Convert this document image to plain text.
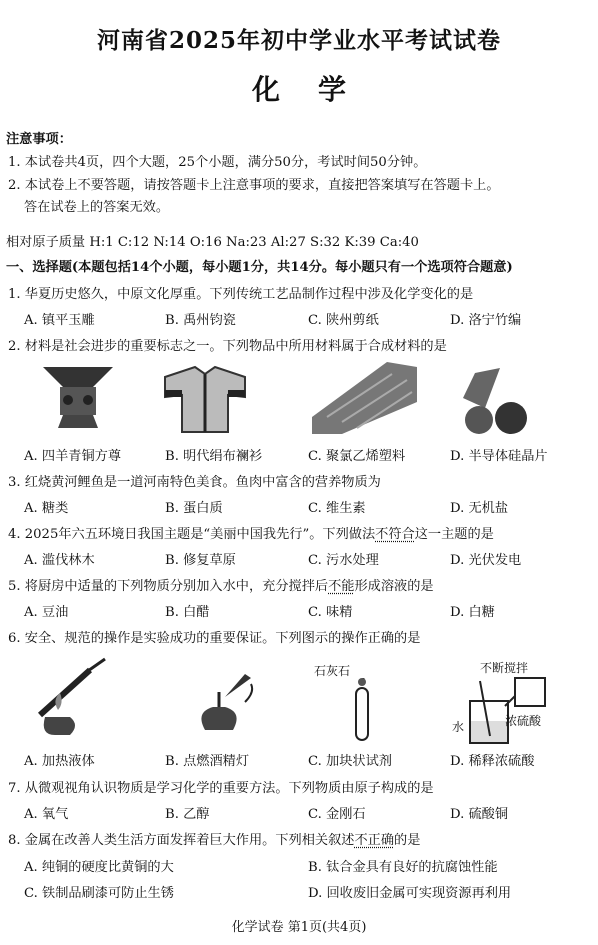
河南省2025年初中学业水平考试试卷
化学
注意事项：
1. 本试卷共4页，四个大题，25个小题，满分50分，考试时间50分钟。
2. 本试卷上不要答题，请按答题卡上注意事项的要求，直接把答案填写在答题卡上。
答在试卷上的答案无效。
相对原子质量 H:1 C:12 N:14 O:16 Na:23 Al:27 S:32 K:39 Ca:40
一、选择题(本题包括14个小题，每小题1分，共14分。每小题只有一个选项符合题意)
1. 华夏历史悠久，中原文化厚重。下列传统工艺品制作过程中涉及化学变化的是
A. 镇平玉雕	B. 禹州钧瓷	C. 陕州剪纸	D. 洛宁竹编
2. 材料是社会进步的重要标志之一。下列物品中所用材料属于合成材料的是
A. 四羊青铜方尊	B. 明代绢布襕衫	C. 聚氯乙烯塑料	D. 半导体硅晶片
3. 红烧黄河鲤鱼是一道河南特色美食。鱼肉中富含的营养物质为
A. 糖类	B. 蛋白质	C. 维生素	D. 无机盐
4. 2025年六五环境日我国主题是“美丽中国我先行”。下列做法不符合这一主题的是
A. 滥伐林木	B. 修复草原	C. 污水处理	D. 光伏发电
5. 将厨房中适量的下列物质分别加入水中，充分搅拌后不能形成溶液的是
A. 豆油	B. 白醋	C. 味精	D. 白糖
6. 安全、规范的操作是实验成功的重要保证。下列图示的操作正确的是
石灰石	不断搅拌
水	浓硫酸
A. 加热液体	B. 点燃酒精灯	C. 加块状试剂	D. 稀释浓硫酸
7. 从微观视角认识物质是学习化学的重要方法。下列物质由原子构成的是
A. 氧气	B. 乙醇	C. 金刚石	D. 硫酸铜
8. 金属在改善人类生活方面发挥着巨大作用。下列相关叙述不正确的是
A. 纯铜的硬度比黄铜的大	B. 钛合金具有良好的抗腐蚀性能
C. 铁制品刷漆可防止生锈	D. 回收废旧金属可实现资源再利用
化学试卷 第1页(共4页)
